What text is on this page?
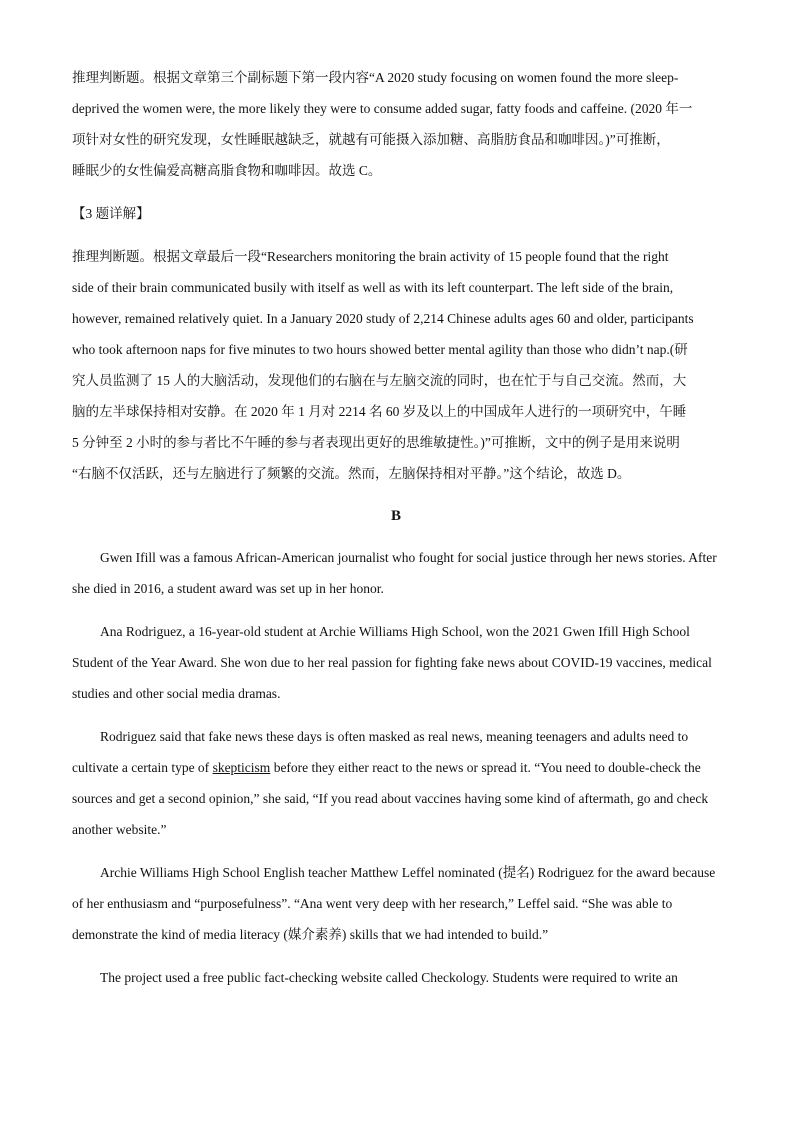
推理判断题。根据文章第三个副标题下第一段内容“A 2020 study focusing on women found the more sleep-

deprived the women were, the more likely they were to consume added sugar, fatty foods and caffeine. (2020 年一

项针对女性的研究发现，女性睡眠越缺乏，就越有可能摄入添加糖、高脂肪食品和咖啡因。)”可推断，

睡眠少的女性偏爱高糖高脂食物和咖啡因。故选 C。

【3 题详解】

推理判断题。根据文章最后一段“Researchers monitoring the brain activity of 15 people found that the right

side of their brain communicated busily with itself as well as with its left counterpart. The left side of the brain,

however, remained relatively quiet. In a January 2020 study of 2,214 Chinese adults ages 60 and older, participants

who took afternoon naps for five minutes to two hours showed better mental agility than those who didn’t nap.(研

究人员监测了 15 人的大脑活动，发现他们的右脑在与左脑交流的同时，也在忙于与自己交流。然而，大

脑的左半球保持相对安静。在 2020 年 1 月对 2214 名 60 岁及以上的中国成年人进行的一项研究中，午睡

5 分钟至 2 小时的参与者比不午睡的参与者表现出更好的思维敏捷性。)”可推断，文中的例子是用来说明

“右脑不仅活跃，还与左脑进行了频繁的交流。然而，左脑保持相对平静。”这个结论，故选 D。

B

Gwen Ifill was a famous African-American journalist who fought for social justice through her news stories. After she died in 2016, a student award was set up in her honor.

Ana Rodriguez, a 16-year-old student at Archie Williams High School, won the 2021 Gwen Ifill High School Student of the Year Award. She won due to her real passion for fighting fake news about COVID-19 vaccines, medical studies and other social media dramas.

Rodriguez said that fake news these days is often masked as real news, meaning teenagers and adults need to cultivate a certain type of skepticism before they either react to the news or spread it. “You need to double-check the sources and get a second opinion,” she said, “If you read about vaccines having some kind of aftermath, go and check another website.”

Archie Williams High School English teacher Matthew Leffel nominated (提名) Rodriguez for the award because of her enthusiasm and “purposefulness”. “Ana went very deep with her research,” Leffel said. “She was able to demonstrate the kind of media literacy (媒介素养) skills that we had intended to build.”

The project used a free public fact-checking website called Checkology. Students were required to write an
